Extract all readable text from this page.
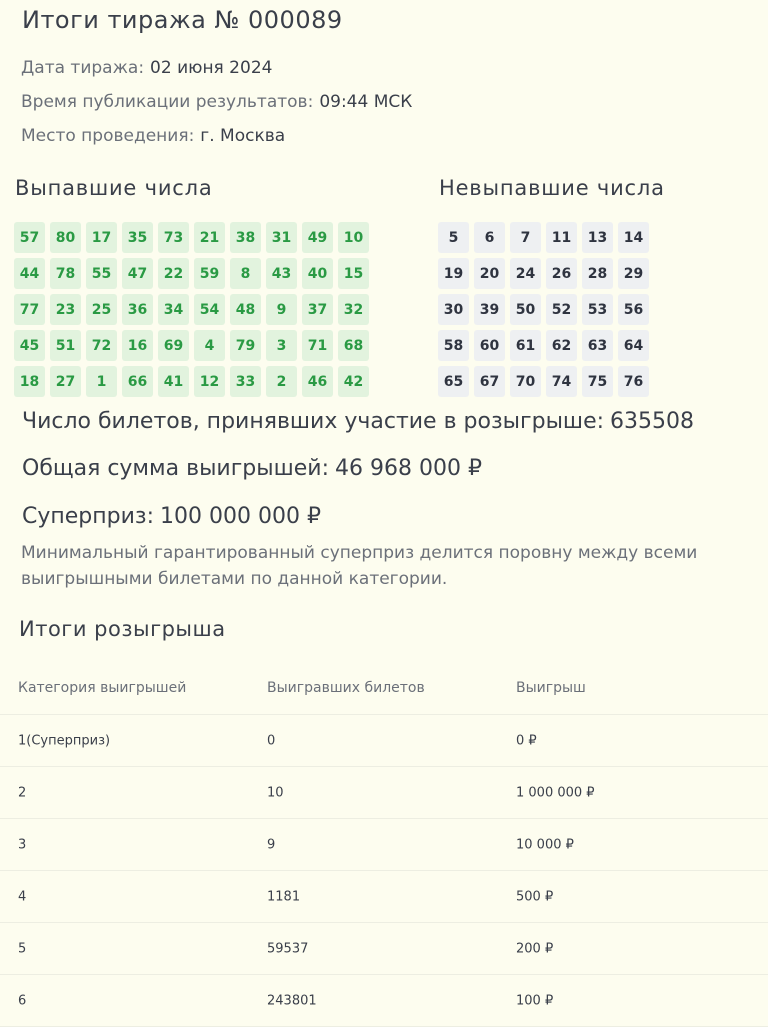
Итоги тиража № 000089
Дата тиража: 02 июня 2024
Время публикации результатов: 09:44 МСК
Место проведения: г. Москва
Выпавшие числа	Невыпавшие числа
57	80	17	35	73	21	38	31	49	10
44	78	55	47	22	59	8	43	40	15
77	23	25	36	34	54	48	9	37	32
45	51	72	16	69	4	79	3	71	68
18	27	1	66	41	12	33	2	46	42
5	6	7	11	13	14
19	20	24	26	28	29
30	39	50	52	53	56
58	60	61	62	63	64
65	67	70	74	75	76
Число билетов, принявших участие в розыгрыше: 635508
Общая сумма выигрышей: 46 968 000 ₽
Суперприз: 100 000 000 ₽
Минимальный гарантированный суперприз делится поровну между всеми выигрышными билетами по данной категории.
Итоги розыгрыша
Категория выигрышей	Выигравших билетов	Выигрыш
1(Суперприз)	0	0 ₽
2	10	1 000 000 ₽
3	9	10 000 ₽
4	1181	500 ₽
5	59537	200 ₽
6	243801	100 ₽
